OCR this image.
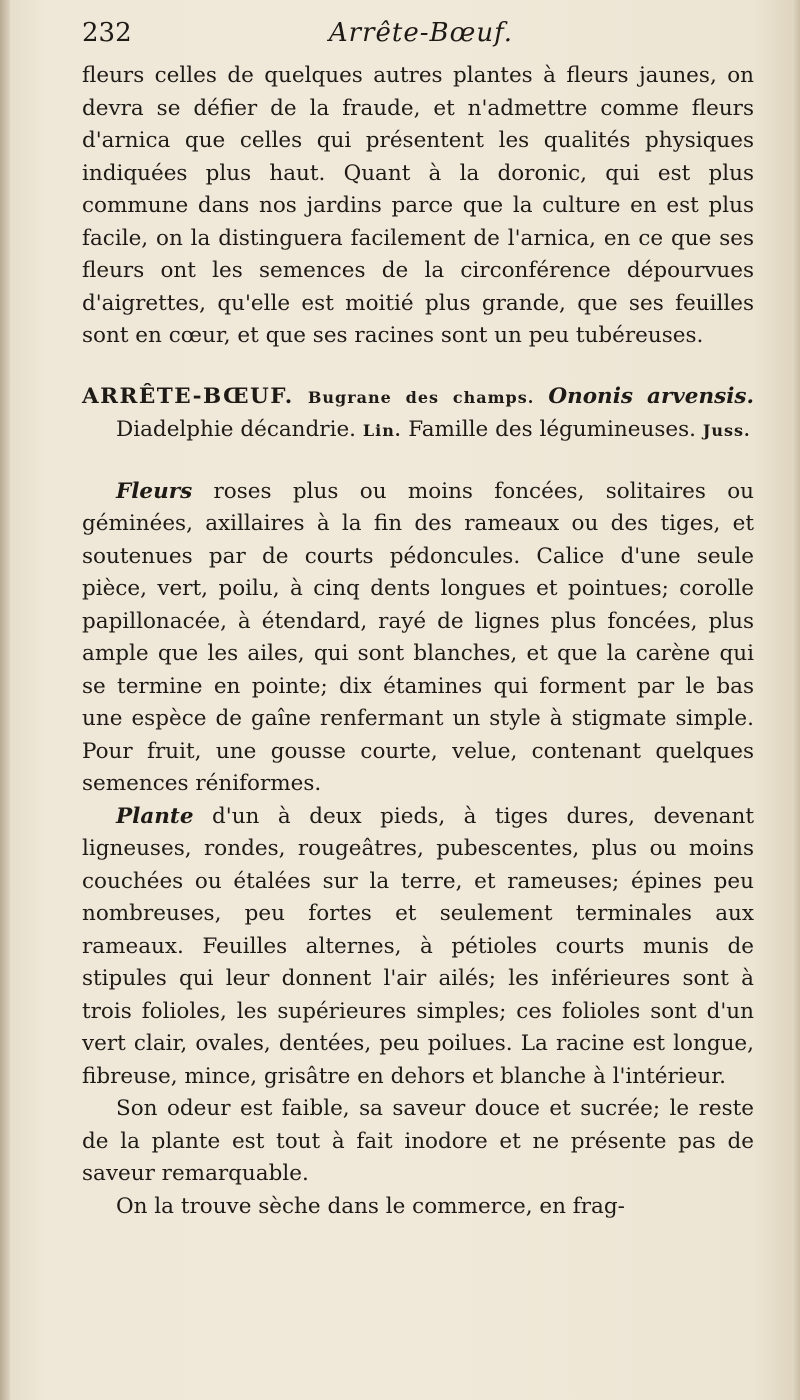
232	Arrête-Bœuf.

fleurs celles de quelques autres plantes à fleurs jaunes, on devra se défier de la fraude, et n'admettre comme fleurs d'arnica que celles qui présentent les qualités physiques indiquées plus haut. Quant à la doronic, qui est plus commune dans nos jardins parce que la culture en est plus facile, on la distinguera facilement de l'arnica, en ce que ses fleurs ont les semences de la circonférence dépourvues d'aigrettes, qu'elle est moitié plus grande, que ses feuilles sont en cœur, et que ses racines sont un peu tubéreuses.

ARRÊTE-BŒUF. Bugrane des champs. Ononis arvensis. Diadelphie décandrie. Lin. Famille des légumineuses. Juss.

Fleurs roses plus ou moins foncées, solitaires ou géminées, axillaires à la fin des rameaux ou des tiges, et soutenues par de courts pédoncules. Calice d'une seule pièce, vert, poilu, à cinq dents longues et pointues; corolle papillonacée, à étendard, rayé de lignes plus foncées, plus ample que les ailes, qui sont blanches, et que la carène qui se termine en pointe; dix étamines qui forment par le bas une espèce de gaîne renfermant un style à stigmate simple. Pour fruit, une gousse courte, velue, contenant quelques semences réniformes.

Plante d'un à deux pieds, à tiges dures, devenant ligneuses, rondes, rougeâtres, pubescentes, plus ou moins couchées ou étalées sur la terre, et rameuses; épines peu nombreuses, peu fortes et seulement terminales aux rameaux. Feuilles alternes, à pétioles courts munis de stipules qui leur donnent l'air ailés; les inférieures sont à trois folioles, les supérieures simples; ces folioles sont d'un vert clair, ovales, dentées, peu poilues. La racine est longue, fibreuse, mince, grisâtre en dehors et blanche à l'intérieur.

Son odeur est faible, sa saveur douce et sucrée; le reste de la plante est tout à fait inodore et ne présente pas de saveur remarquable.

On la trouve sèche dans le commerce, en frag-
